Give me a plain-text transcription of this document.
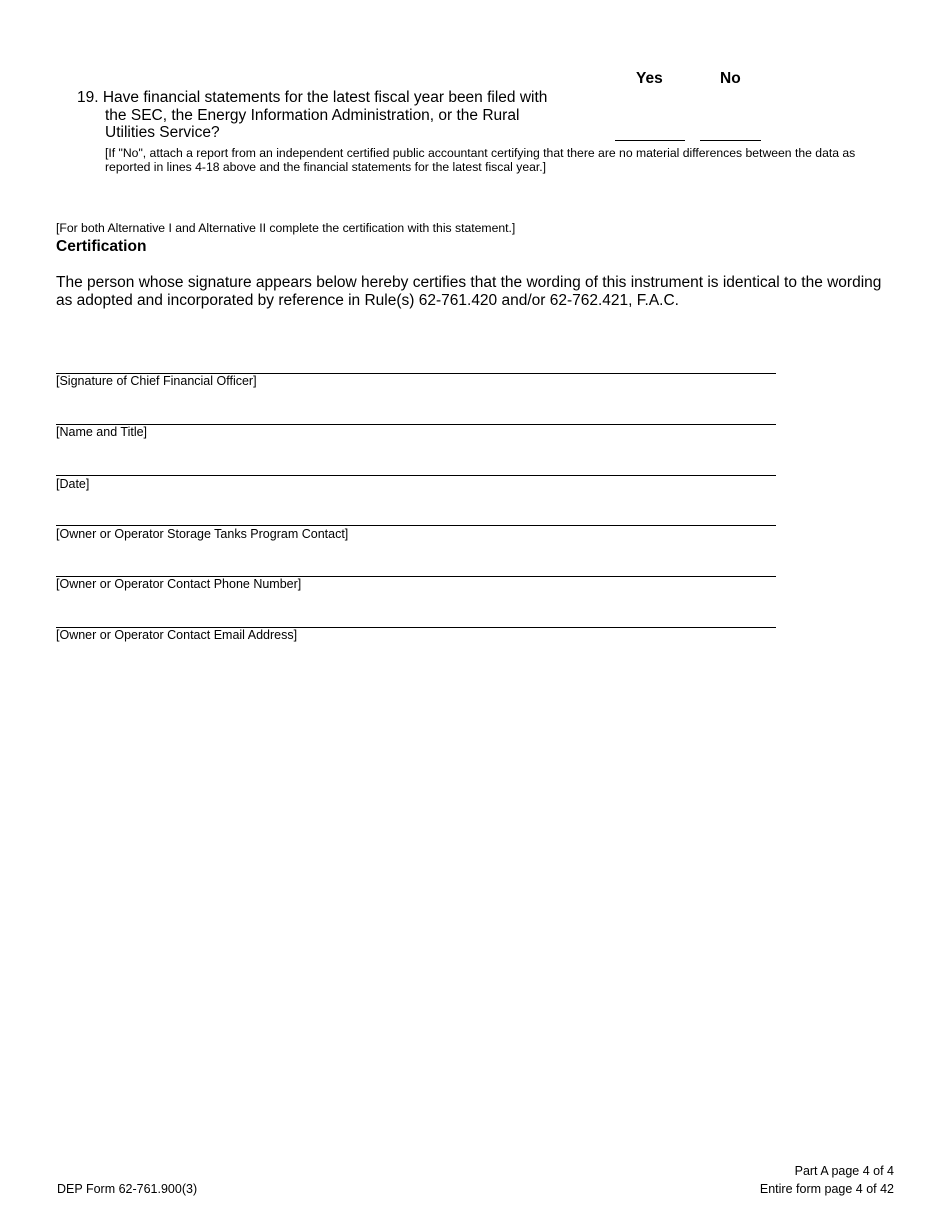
Yes	No
19. Have financial statements for the latest fiscal year been filed with
the SEC, the Energy Information Administration, or the Rural
Utilities Service?
[If "No", attach a report from an independent certified public accountant certifying that there are no material differences between the data as
reported in lines 4-18 above and the financial statements for the latest fiscal year.]
[For both Alternative I and Alternative II complete the certification with this statement.]
Certification
The person whose signature appears below hereby certifies that the wording of this instrument is identical to the wording
as adopted and incorporated by reference in Rule(s) 62-761.420 and/or 62-762.421, F.A.C.
[Signature of Chief Financial Officer]
[Name and Title]
[Date]
[Owner or Operator Storage Tanks Program Contact]
[Owner or Operator Contact Phone Number]
[Owner or Operator Contact Email Address]
DEP Form 62-761.900(3)
Part A page 4 of 4
Entire form page 4 of 42
